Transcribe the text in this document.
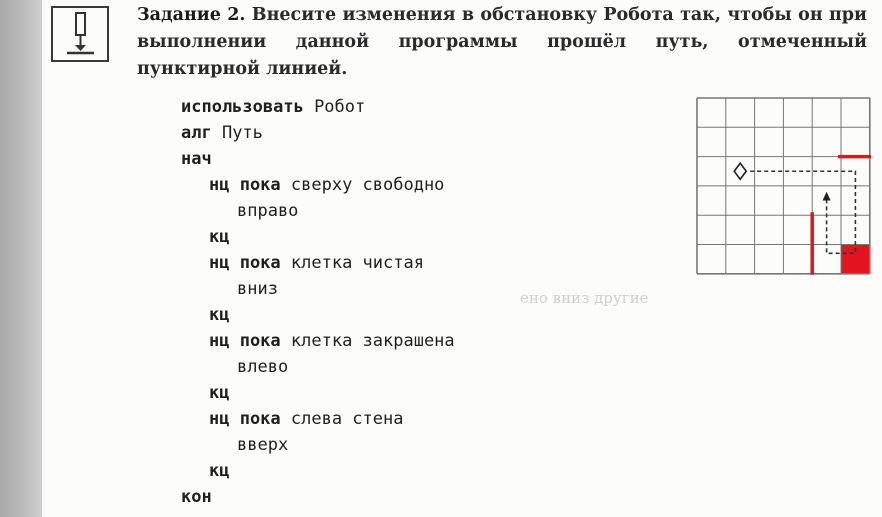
Задание 2. Внесите изменения в обстановку Робота так, чтобы он при выполнении данной программы прошёл путь, отмеченный пунктирной линией.
использовать Робот
алг Путь
нач
нц пока сверху свободно
вправо
кц
нц пока клетка чистая
вниз
кц
нц пока клетка закрашена
влево
кц
нц пока слева стена
вверх
кц
кон
ено вниз другие
